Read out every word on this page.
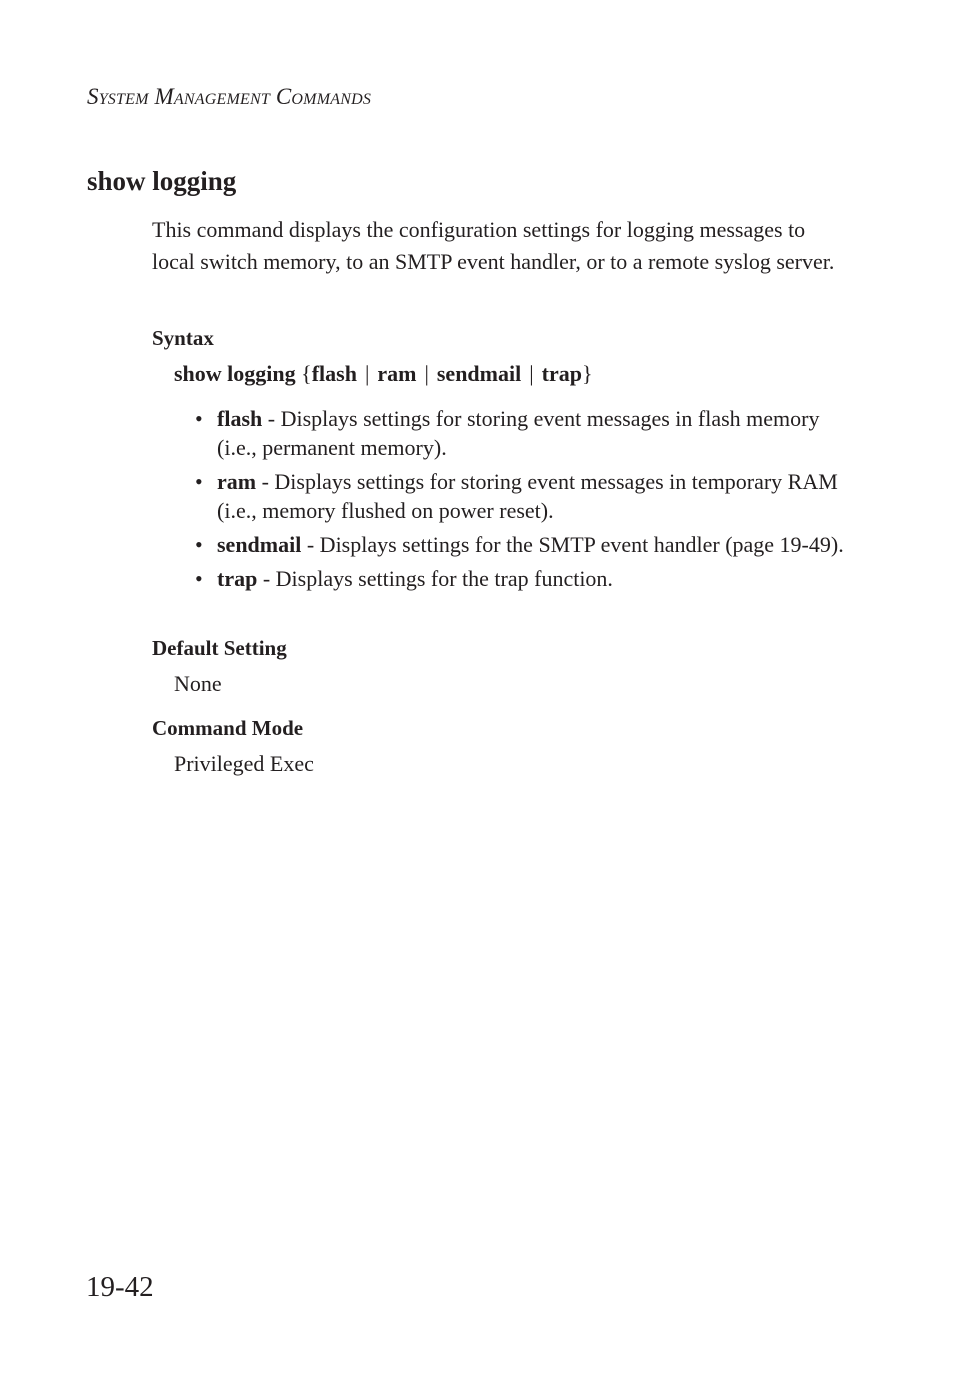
System Management Commands
show logging

This command displays the configuration settings for logging messages to local switch memory, to an SMTP event handler, or to a remote syslog server.

Syntax
show logging {flash | ram | sendmail | trap}
• flash - Displays settings for storing event messages in flash memory (i.e., permanent memory).
• ram - Displays settings for storing event messages in temporary RAM (i.e., memory flushed on power reset).
• sendmail - Displays settings for the SMTP event handler (page 19-49).
• trap - Displays settings for the trap function.
Default Setting
None
Command Mode
Privileged Exec
19-42
